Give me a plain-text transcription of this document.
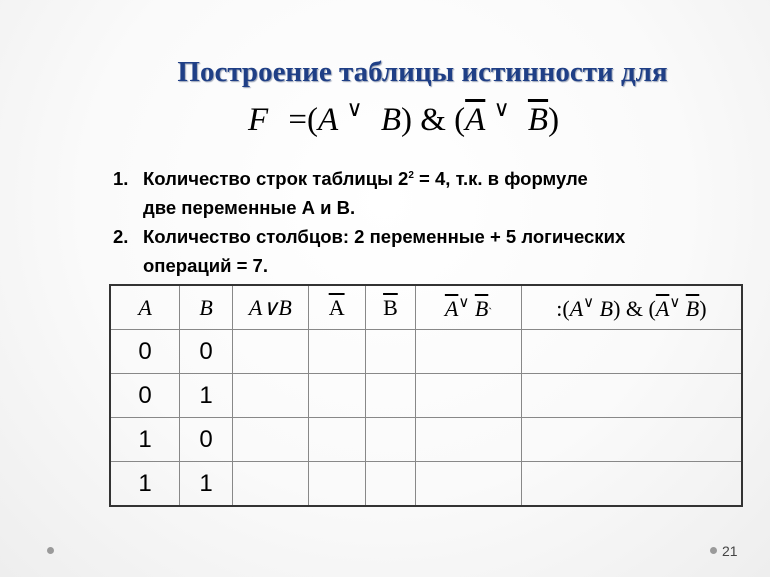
Построение таблицы истинности для
F =(A ∨ B) & ($\overline{A}$ ∨ $\overline{B}$)
1. Количество строк таблицы $2^2 = 4$, т.к. в формуле
две переменные А и В.
2. Количество столбцов: 2 переменные + 5 логических
операций = 7.
A	B	A∨B	$\overline{A}$	$\overline{B}$	$\overline{A}^\vee$ $\overline{B}`$	:(A∨ B) & ($\overline{A}^\vee$ $\overline{B}$)
0	0					
0	1					
1	0					
1	1					
21
